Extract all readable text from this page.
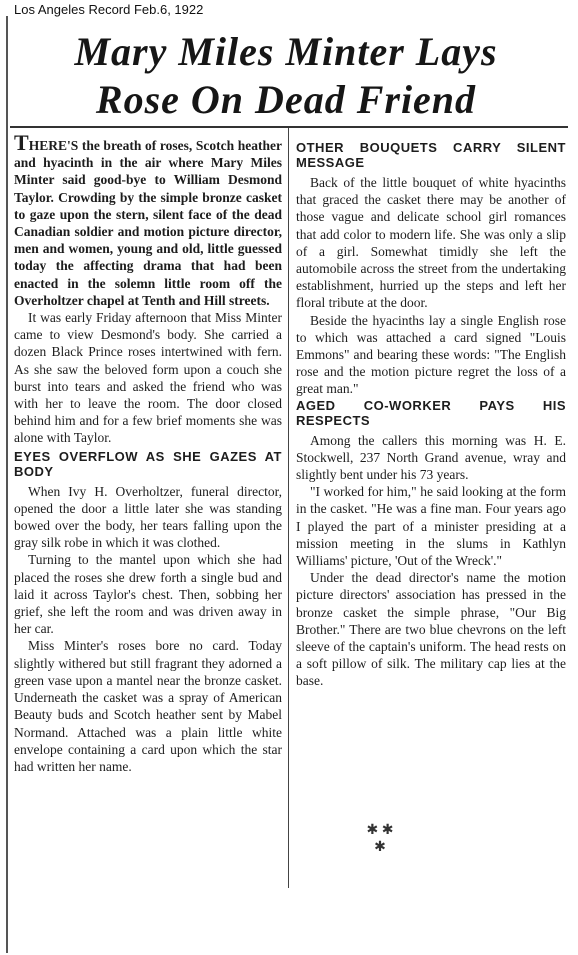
Los Angeles Record Feb.6, 1922
Mary Miles Minter Lays
Rose On Dead Friend

THERE'S the breath of roses, Scotch heather and hyacinth in the air where Mary Miles Minter said good-bye to William Desmond Taylor. Crowding by the simple bronze casket to gaze upon the stern, silent face of the dead Canadian soldier and motion picture director, men and women, young and old, little guessed today the affecting drama that had been enacted in the solemn little room off the Overholtzer chapel at Tenth and Hill streets.

It was early Friday afternoon that Miss Minter came to view Desmond's body. She carried a dozen Black Prince roses intertwined with fern. As she saw the beloved form upon a couch she burst into tears and asked the friend who was with her to leave the room. The door closed behind him and for a few brief moments she was alone with Taylor.

EYES OVERFLOW AS SHE GAZES AT BODY

When Ivy H. Overholtzer, funeral director, opened the door a little later she was standing bowed over the body, her tears falling upon the gray silk robe in which it was clothed.

Turning to the mantel upon which she had placed the roses she drew forth a single bud and laid it across Taylor's chest. Then, sobbing her grief, she left the room and was driven away in her car.

Miss Minter's roses bore no card. Today slightly withered but still fragrant they adorned a green vase upon a mantel near the bronze casket. Underneath the casket was a spray of American Beauty buds and Scotch heather sent by Mabel Normand. Attached was a plain little white envelope containing a card upon which the star had written her name.

OTHER BOUQUETS CARRY SILENT MESSAGE

Back of the little bouquet of white hyacinths that graced the casket there may be another of those vague and delicate school girl romances that add color to modern life. She was only a slip of a girl. Somewhat timidly she left the automobile across the street from the undertaking establishment, hurried up the steps and left her floral tribute at the door.

Beside the hyacinths lay a single English rose to which was attached a card signed "Louis Emmons" and bearing these words: "The English rose and the motion picture regret the loss of a great man."

AGED CO-WORKER PAYS HIS RESPECTS

Among the callers this morning was H. E. Stockwell, 237 North Grand avenue, wray and slightly bent under his 73 years.

"I worked for him," he said looking at the form in the casket. "He was a fine man. Four years ago I played the part of a minister presiding at a mission meeting in the slums in Kathlyn Williams' picture, 'Out of the Wreck'."

Under the dead director's name the motion picture directors' association has pressed in the bronze casket the simple phrase, "Our Big Brother." There are two blue chevrons on the left sleeve of the captain's uniform. The head rests on a soft pillow of silk. The military cap lies at the base.

✱ ✱ ✱
